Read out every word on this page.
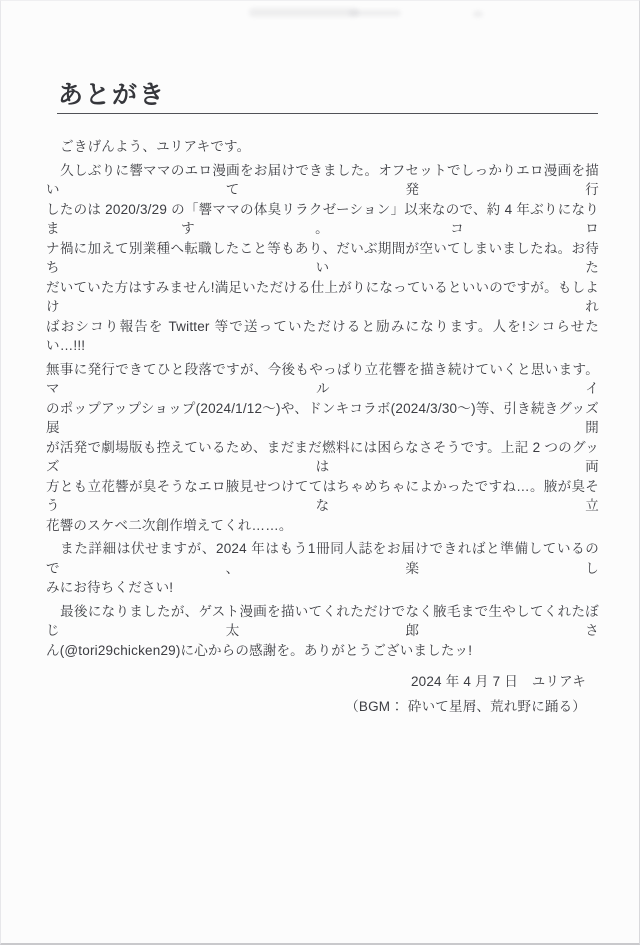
あとがき
ごきげんよう、ユリアキです。
久しぶりに響ママのエロ漫画をお届けできました。オフセットでしっかりエロ漫画を描いて発行
したのは 2020/3/29 の「響ママの体臭リラクゼーション」以来なので、約 4 年ぶりになります。コロ
ナ禍に加えて別業種へ転職したこと等もあり、だいぶ期間が空いてしまいましたね。お待ちいた
だいていた方はすみません!満足いただける仕上がりになっているといいのですが。もしよけれ
ばおシコり報告を Twitter 等で送っていただけると励みになります。人を!シコらせたい…!!!
無事に発行できてひと段落ですが、今後もやっぱり立花響を描き続けていくと思います。マルイ
のポップアップショップ(2024/1/12〜)や、ドンキコラボ(2024/3/30〜)等、引き続きグッズ展開
が活発で劇場版も控えているため、まだまだ燃料には困らなさそうです。上記 2 つのグッズは両
方とも立花響が臭そうなエロ腋見せつけててはちゃめちゃによかったですね…。腋が臭そうな立
花響のスケベ二次創作増えてくれ……。
また詳細は伏せますが、2024 年はもう1冊同人誌をお届けできればと準備しているので、楽し
みにお待ちください!
最後になりましたが、ゲスト漫画を描いてくれただけでなく腋毛まで生やしてくれたぼじ太郎さ
ん(@tori29chicken29)に心からの感謝を。ありがとうございましたッ!

2024 年 4 月 7 日　ユリアキ

（BGM： 砕いて星屑、荒れ野に踊る）
